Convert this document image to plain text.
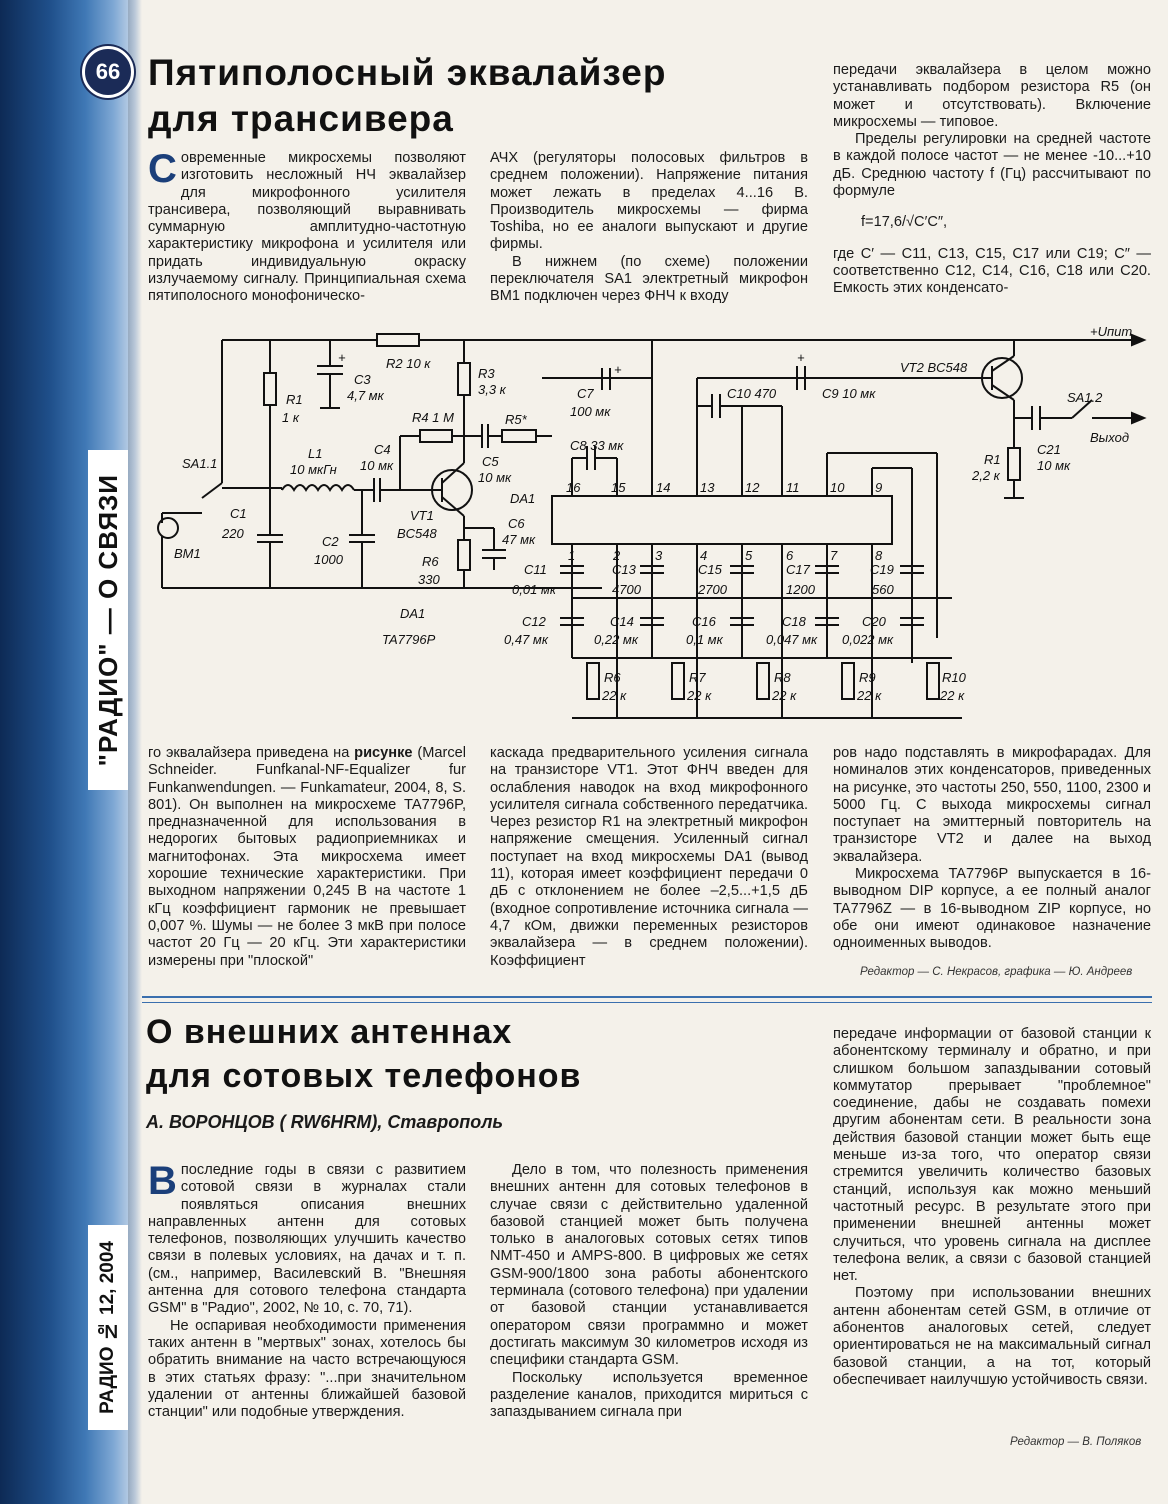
66
"РАДИО" — О СВЯЗИ
РАДИО № 12, 2004
Пятиполосный эквалайзер
для трансивера

Современные микросхемы позволяют изготовить несложный НЧ эквалайзер для микрофонного усилителя трансивера, позволяющий выравнивать суммарную амплитудно-частотную характеристику микрофона и усилителя или придать индивидуальную окраску излучаемому сигналу. Принципиальная схема пятиполосного монофоническо-

АЧХ (регуляторы полосовых фильтров в среднем положении). Напряжение питания может лежать в пределах 4...16 В. Производитель микросхемы — фирма Toshiba, но ее аналоги выпускают и другие фирмы.

В нижнем (по схеме) положении переключателя SA1 электретный микрофон ВМ1 подключен через ФНЧ к входу

передачи эквалайзера в целом можно устанавливать подбором резистора R5 (он может и отсутствовать). Включение микросхемы — типовое.

Пределы регулировки на средней частоте в каждой полосе частот — не менее -10...+10 дБ. Среднюю частоту f (Гц) рассчитывают по формуле

f=17,6/√C′C″,

где С′ — С11, С13, С15, С17 или С19; С″ — соответственно С12, С14, С16, С18 или С20. Емкость этих конденсато-

+Uпит
VT2 BC548
SA1.2
Выход
C21
10 мк
R1
2,2 к
R2 10 к
R3
3,3 к
C3
4,7 мк
R1
1 к
C7
100 мк
C10 470	C9 10 мк
R4 1 М	R5*
C8 33 мк
C4
10 мк	C5
10 мк
L1
10 мкГн
SA1.1
VT1
BC548
DA1
C6
47 мк
C1
220
C2
1000	R6
330
BM1
DA1
TA7796P
C11
0,01 мк
C13
4700
C15
2700
C17
1200
C19
560
C12
0,47 мк
C14
0,22 мк
C16
0,1 мк
C18
0,047 мк
C20
0,022 мк
R6
22 к
R7
22 к
R8
22 к
R9
22 к
R10
22 к
16 15 14 13 12 11 10 9
1	2	3	4	5	6	7	8
+
+
+

го эквалайзера приведена на рисунке (Marcel Schneider. Funfkanal-NF-Equalizer fur Funkanwendungen. — Funkamateur, 2004, 8, S. 801). Он выполнен на микросхеме TA7796P, предназначенной для использования в недорогих бытовых радиоприемниках и магнитофонах. Эта микросхема имеет хорошие технические характеристики. При выходном напряжении 0,245 В на частоте 1 кГц коэффициент гармоник не превышает 0,007 %. Шумы — не более 3 мкВ при полосе частот 20 Гц — 20 кГц. Эти характеристики измерены при "плоской"

каскада предварительного усиления сигнала на транзисторе VT1. Этот ФНЧ введен для ослабления наводок на вход микрофонного усилителя сигнала собственного передатчика. Через резистор R1 на электретный микрофон напряжение смещения. Усиленный сигнал поступает на вход микросхемы DA1 (вывод 11), которая имеет коэффициент передачи 0 дБ с отклонением не более –2,5...+1,5 дБ (входное сопротивление источника сигнала — 4,7 кОм, движки переменных резисторов эквалайзера — в среднем положении). Коэффициент

ров надо подставлять в микрофарадах. Для номиналов этих конденсаторов, приведенных на рисунке, это частоты 250, 550, 1100, 2300 и 5000 Гц. С выхода микросхемы сигнал поступает на эмиттерный повторитель на транзисторе VT2 и далее на выход эквалайзера.

Микросхема TA7796P выпускается в 16-выводном DIP корпусе, а ее полный аналог TA7796Z — в 16-выводном ZIP корпусе, но обе они имеют одинаковое назначение одноименных выводов.

Редактор — С. Некрасов, графика — Ю. Андреев
О внешних антеннах
для сотовых телефонов
А. ВОРОНЦОВ ( RW6HRM), Ставрополь

Впоследние годы в связи с развитием сотовой связи в журналах стали появляться описания внешних направленных антенн для сотовых телефонов, позволяющих улучшить качество связи в полевых условиях, на дачах и т. п. (см., например, Василевский В. "Внешняя антенна для сотового телефона стандарта GSM" в "Радио", 2002, № 10, с. 70, 71).

Не оспаривая необходимости применения таких антенн в "мертвых" зонах, хотелось бы обратить внимание на часто встречающуюся в этих статьях фразу: "...при значительном удалении от антенны ближайшей базовой станции" или подобные утверждения.

Дело в том, что полезность применения внешних антенн для сотовых телефонов в случае связи с действительно удаленной базовой станцией может быть получена только в аналоговых сотовых сетях типов NMT-450 и AMPS-800. В цифровых же сетях GSM-900/1800 зона работы абонентского терминала (сотового телефона) при удалении от базовой станции устанавливается оператором связи программно и может достигать максимум 30 километров исходя из специфики стандарта GSM.

Поскольку используется временное разделение каналов, приходится мириться с запаздыванием сигнала при

передаче информации от базовой станции к абонентскому терминалу и обратно, и при слишком большом запаздывании сотовый коммутатор прерывает "проблемное" соединение, дабы не создавать помехи другим абонентам сети. В реальности зона действия базовой станции может быть еще меньше из-за того, что оператор связи стремится увеличить количество базовых станций, используя как можно меньший частотный ресурс. В результате этого при применении внешней антенны может случиться, что уровень сигнала на дисплее телефона велик, а связи с базовой станцией нет.

Поэтому при использовании внешних антенн абонентам сетей GSM, в отличие от абонентов аналоговых сетей, следует ориентироваться не на максимальный сигнал базовой станции, а на тот, который обеспечивает наилучшую устойчивость связи.

Редактор — В. Поляков
